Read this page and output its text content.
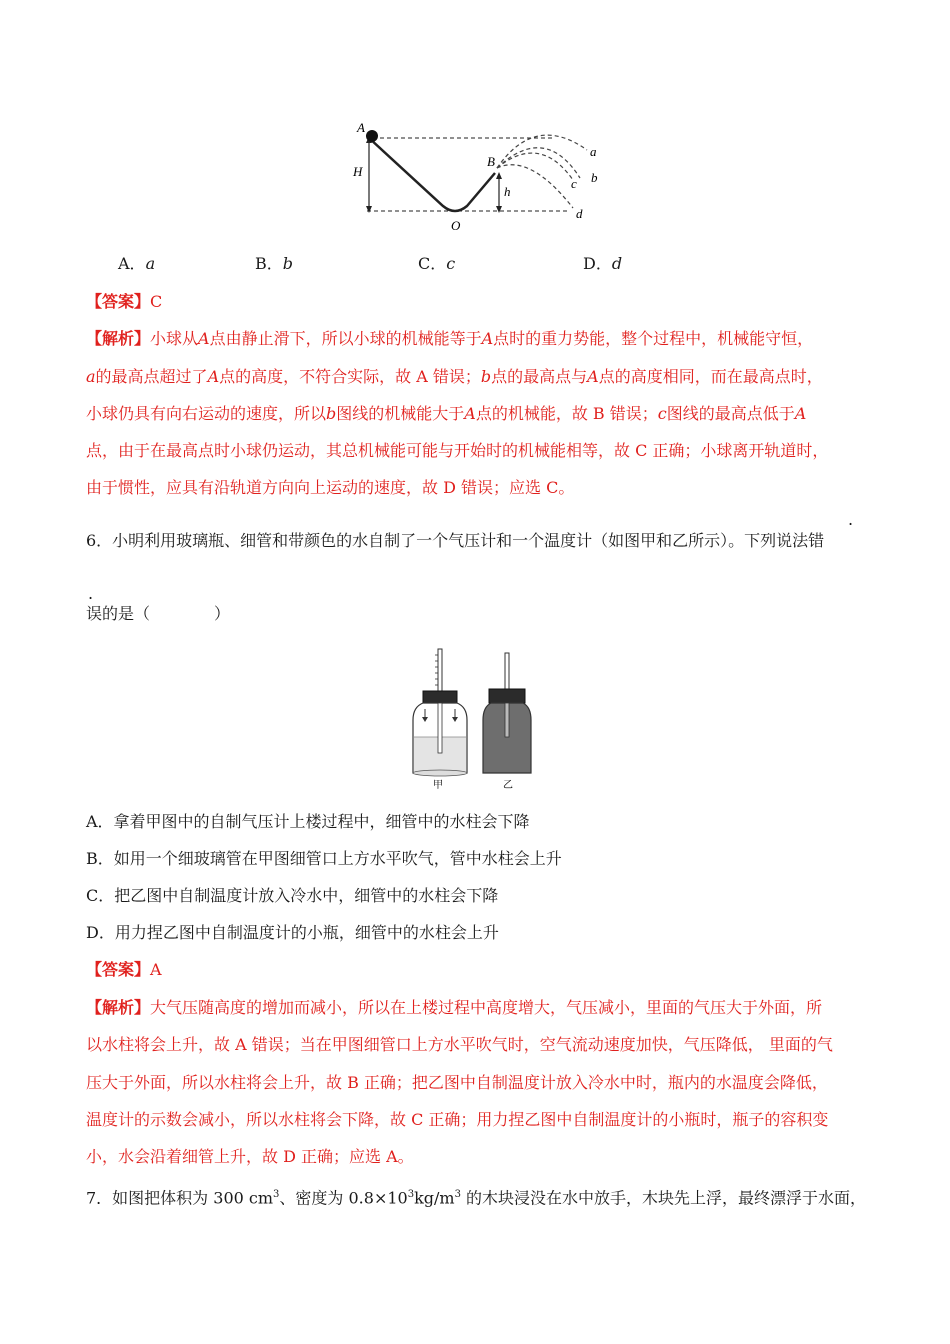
A
H
O
B
h
a
b
c
d
A．a	B．b	C．c	D．d
【答案】C
【解析】小球从A点由静止滑下，所以小球的机械能等于A点时的重力势能，整个过程中，机械能守恒，
a的最高点超过了A点的高度，不符合实际，故 A 错误；b点的最高点与A点的高度相同，而在最高点时，
小球仍具有向右运动的速度，所以b图线的机械能大于A点的机械能，故 B 错误；c图线的最高点低于A
点，由于在最高点时小球仍运动，其总机械能可能与开始时的机械能相等，故 C 正确；小球离开轨道时，
由于惯性，应具有沿轨道方向向上运动的速度，故 D 错误；应选 C。
.
6．小明利用玻璃瓶、细管和带颜色的水自制了一个气压计和一个温度计（如图甲和乙所示）。下列说法错
.
误的是（　　　　）
甲	乙
A．拿着甲图中的自制气压计上楼过程中，细管中的水柱会下降
B．如用一个细玻璃管在甲图细管口上方水平吹气，管中水柱会上升
C．把乙图中自制温度计放入冷水中，细管中的水柱会下降
D．用力捏乙图中自制温度计的小瓶，细管中的水柱会上升
【答案】A
【解析】大气压随高度的增加而减小，所以在上楼过程中高度增大，气压减小，里面的气压大于外面，所
以水柱将会上升，故 A 错误；当在甲图细管口上方水平吹气时，空气流动速度加快，气压降低， 里面的气
压大于外面，所以水柱将会上升，故 B 正确；把乙图中自制温度计放入冷水中时，瓶内的水温度会降低，
温度计的示数会减小，所以水柱将会下降，故 C 正确；用力捏乙图中自制温度计的小瓶时，瓶子的容积变
小，水会沿着细管上升，故 D 正确；应选 A。
7．如图把体积为 300 $cm^3$、密度为 $0.8\times 10^3kg/m^3$ 的木块浸没在水中放手，木块先上浮，最终漂浮于水面，
